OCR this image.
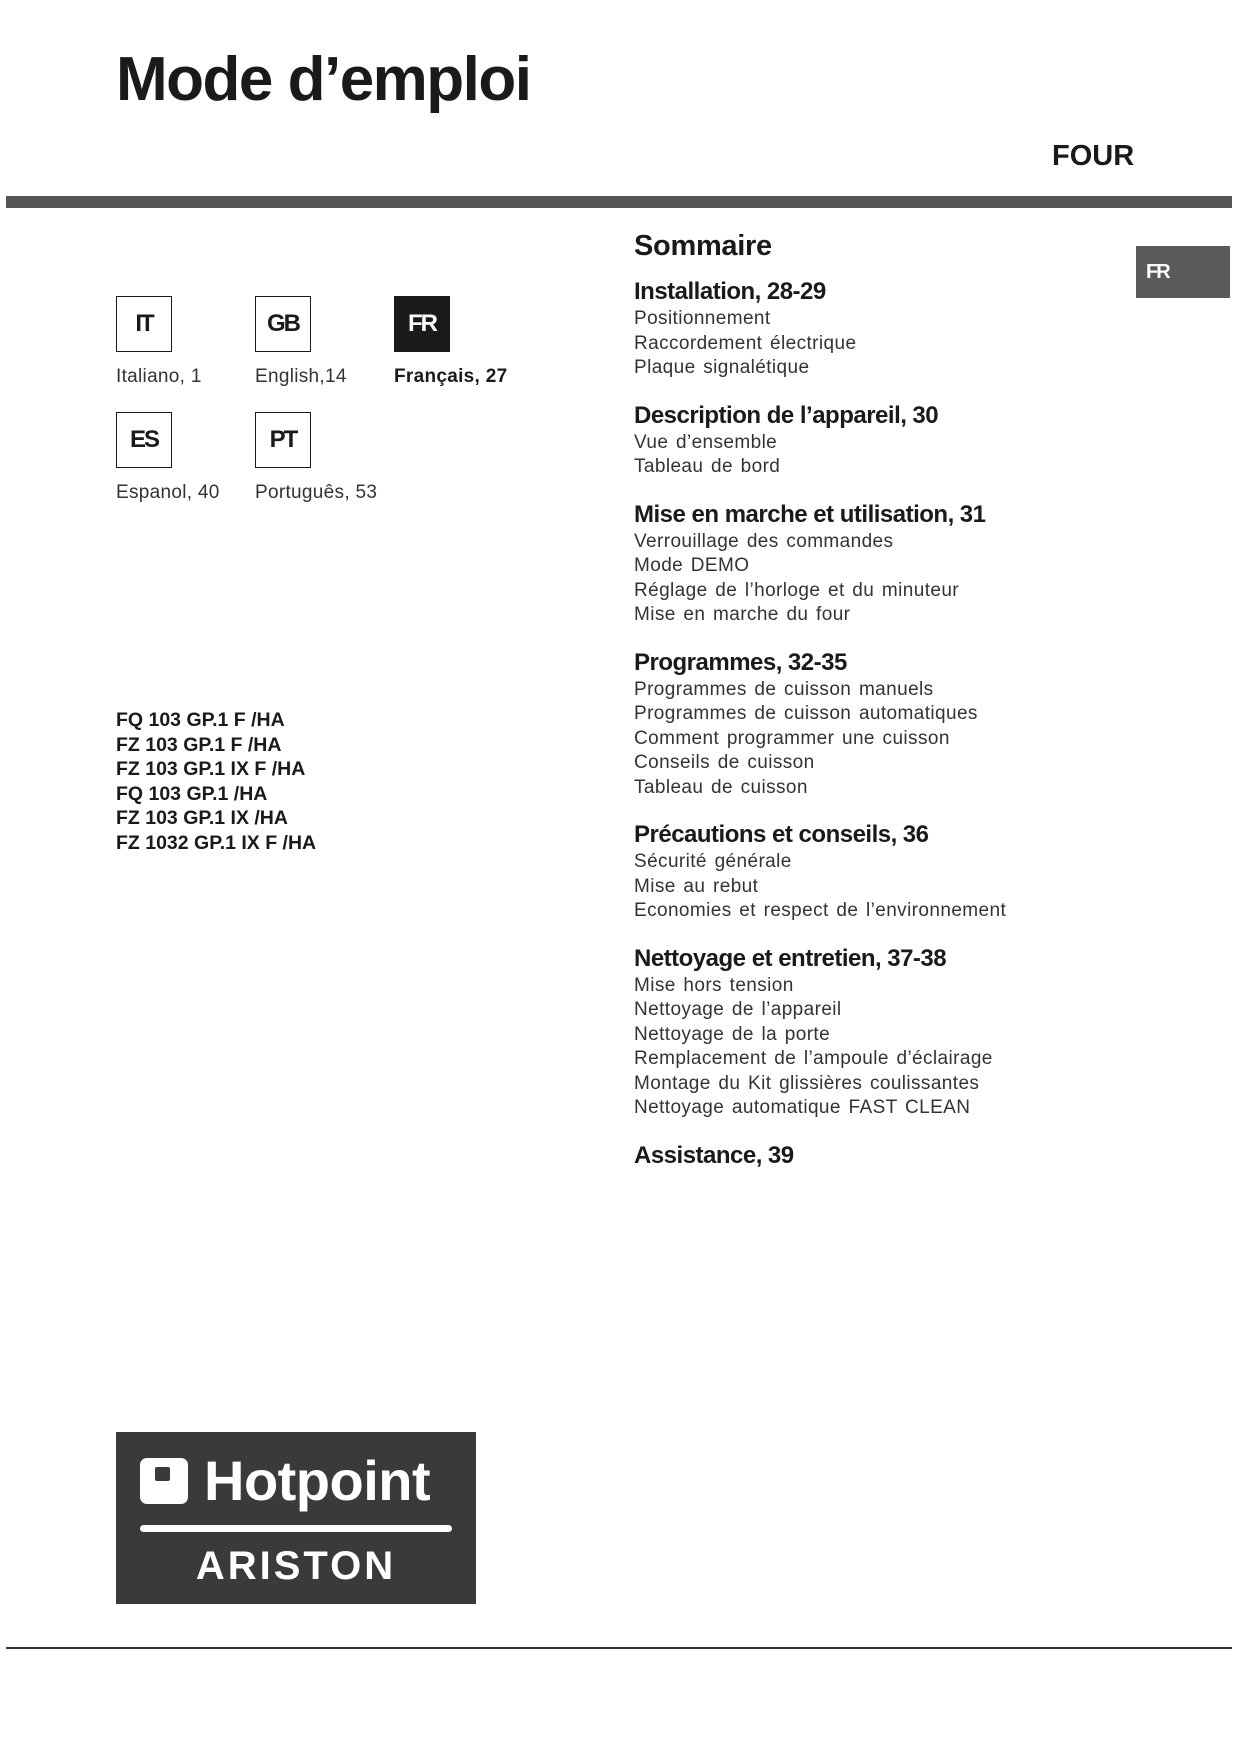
Mode d’emploi
FOUR
FR
IT
Italiano, 1
GB
English,14
FR
Français, 27
ES
Espanol, 40
PT
Português, 53
FQ 103 GP.1 F /HA
FZ 103 GP.1 F /HA
FZ 103 GP.1 IX F /HA
FQ 103 GP.1 /HA
FZ 103 GP.1 IX /HA
FZ 1032 GP.1 IX F /HA
Sommaire
Installation, 28-29
Positionnement
Raccordement électrique
Plaque signalétique
Description de l’appareil, 30
Vue d’ensemble
Tableau de bord
Mise en marche et utilisation, 31
Verrouillage des commandes
Mode DEMO
Réglage de l’horloge et du minuteur
Mise en marche du four
Programmes, 32-35
Programmes de cuisson manuels
Programmes de cuisson automatiques
Comment programmer une cuisson
Conseils de cuisson
Tableau de cuisson
Précautions et conseils, 36
Sécurité générale
Mise au rebut
Economies et respect de l’environnement
Nettoyage et entretien, 37-38
Mise hors tension
Nettoyage de l’appareil
Nettoyage de la porte
Remplacement de l’ampoule d’éclairage
Montage du Kit glissières coulissantes
Nettoyage automatique FAST CLEAN
Assistance, 39
Hotpoint
ARISTON
